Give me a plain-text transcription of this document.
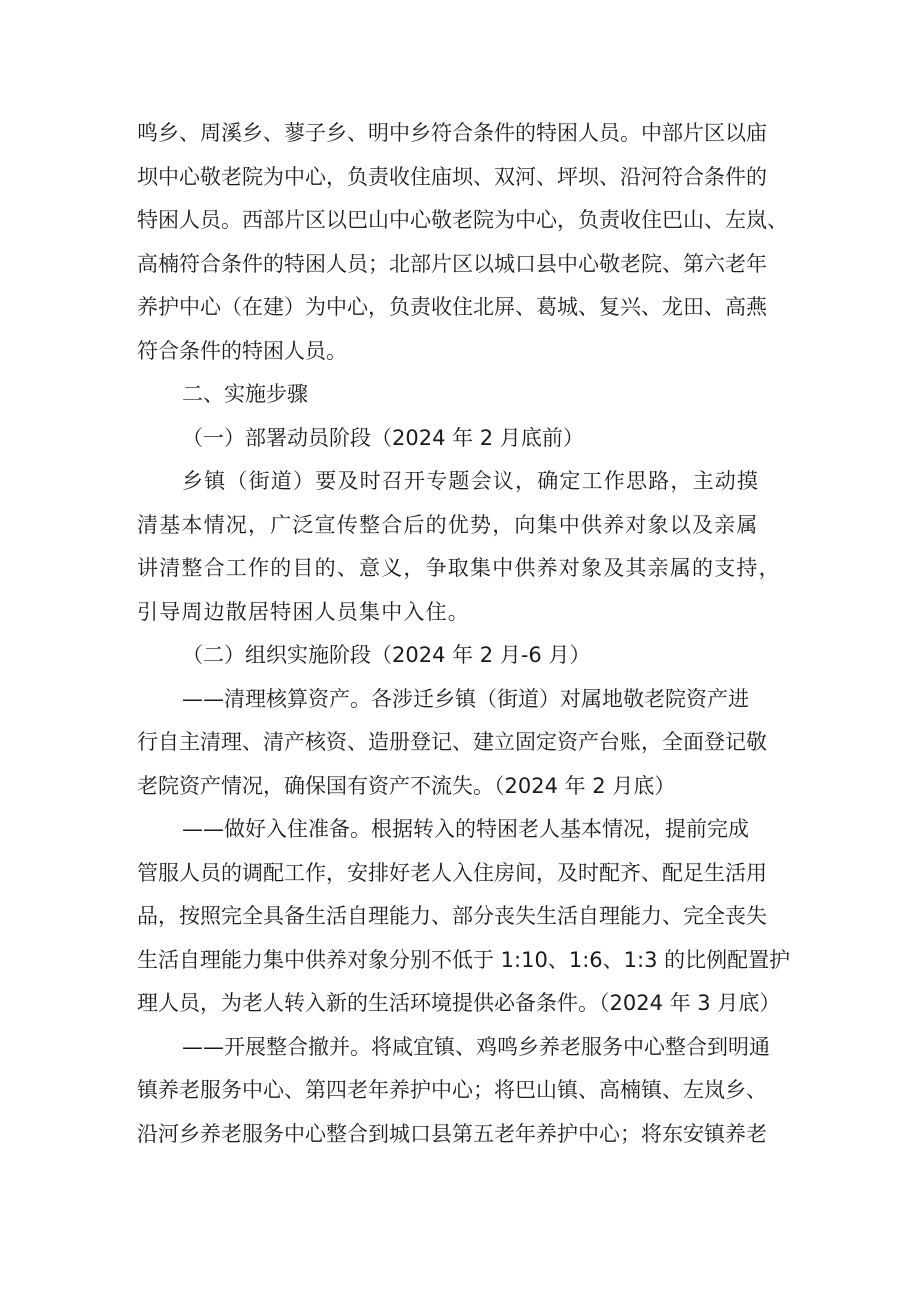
鸣乡、周溪乡、蓼子乡、明中乡符合条件的特困人员。中部片区以庙
坝中心敬老院为中心，负责收住庙坝、双河、坪坝、沿河符合条件的
特困人员。西部片区以巴山中心敬老院为中心，负责收住巴山、左岚、
高楠符合条件的特困人员；北部片区以城口县中心敬老院、第六老年
养护中心（在建）为中心，负责收住北屏、葛城、复兴、龙田、高燕
符合条件的特困人员。
二、实施步骤
（一）部署动员阶段（2024 年 2 月底前）
乡镇（街道）要及时召开专题会议，确定工作思路，主动摸
清基本情况，广泛宣传整合后的优势，向集中供养对象以及亲属
讲清整合工作的目的、意义，争取集中供养对象及其亲属的支持，
引导周边散居特困人员集中入住。
（二）组织实施阶段（2024 年 2 月-6 月）
——清理核算资产。各涉迁乡镇（街道）对属地敬老院资产进
行自主清理、清产核资、造册登记、建立固定资产台账，全面登记敬
老院资产情况，确保国有资产不流失。（2024 年 2 月底）
——做好入住准备。根据转入的特困老人基本情况，提前完成
管服人员的调配工作，安排好老人入住房间，及时配齐、配足生活用
品，按照完全具备生活自理能力、部分丧失生活自理能力、完全丧失
生活自理能力集中供养对象分别不低于 1:10、1:6、1:3 的比例配置护
理人员，为老人转入新的生活环境提供必备条件。（2024 年 3 月底）
——开展整合撤并。将咸宜镇、鸡鸣乡养老服务中心整合到明通
镇养老服务中心、第四老年养护中心；将巴山镇、高楠镇、左岚乡、
沿河乡养老服务中心整合到城口县第五老年养护中心；将东安镇养老
